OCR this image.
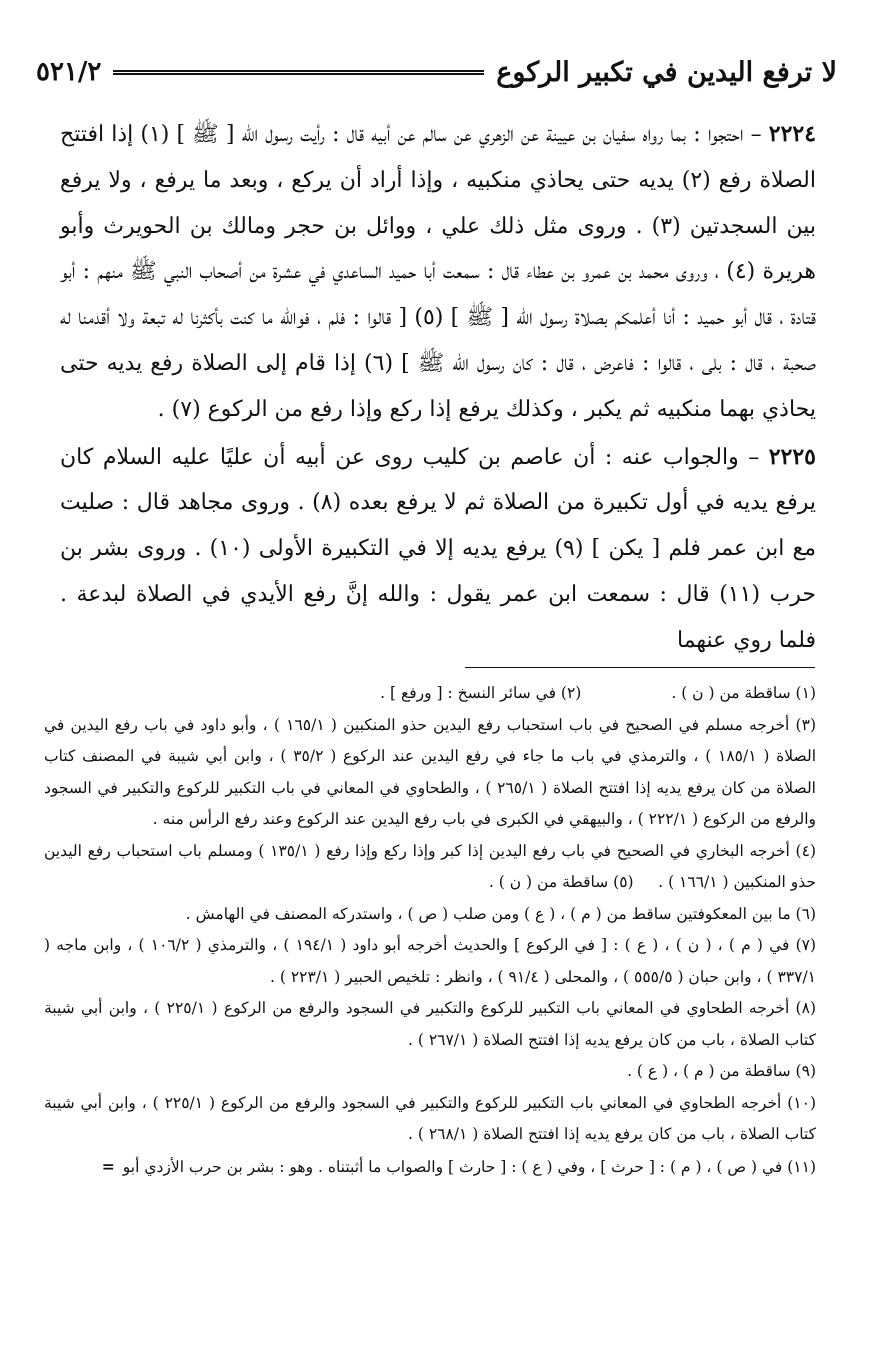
لا ترفع اليدين في تكبير الركوع
٥٢١/٢

٢٢٢٤ – احتجوا : بما رواه سفيان بن عيينة عن الزهري عن سالم عن أبيه قال : رأيت رسول الله [ ﷺ ] (١) إذا افتتح الصلاة رفع (٢) يديه حتى يحاذي منكبيه ، وإذا أراد أن يركع ، وبعد ما يرفع ، ولا يرفع بين السجدتين (٣) . وروى مثل ذلك علي ، ووائل بن حجر ومالك بن الحويرث وأبو هريرة (٤) ، وروى محمد بن عمرو بن عطاء قال : سمعت أبا حميد الساعدي في عشرة من أصحاب النبي ﷺ منهم : أبو قتادة ، قال أبو حميد : أنا أعلمكم بصلاة رسول الله [ ﷺ ] (٥) [ قالوا : فلم ، فوالله ما كنت بأكثرنا له تبعة ولا أقدمنا له صحبة ، قال : بلى ، قالوا : فاعرض ، قال : كان رسول الله ﷺ ] (٦) إذا قام إلى الصلاة رفع يديه حتى يحاذي بهما منكبيه ثم يكبر ، وكذلك يرفع إذا ركع وإذا رفع من الركوع (٧) .

٢٢٢٥ – والجواب عنه : أن عاصم بن كليب روى عن أبيه أن عليًا عليه السلام كان يرفع يديه في أول تكبيرة من الصلاة ثم لا يرفع بعده (٨) . وروى مجاهد قال : صليت مع ابن عمر فلم [ يكن ] (٩) يرفع يديه إلا في التكبيرة الأولى (١٠) . وروى بشر بن حرب (١١) قال : سمعت ابن عمر يقول : والله إنَّ رفع الأيدي في الصلاة لبدعة . فلما روي عنهما

(١) ساقطة من ( ن ) .
(٢) في سائر النسخ : [ ورفع ] .

(٣) أخرجه مسلم في الصحيح في باب استحباب رفع اليدين حذو المنكبين ( ١٦٥/١ ) ، وأبو داود في باب رفع اليدين في الصلاة ( ١٨٥/١ ) ، والترمذي في باب ما جاء في رفع اليدين عند الركوع ( ٣٥/٢ ) ، وابن أبي شيبة في المصنف كتاب الصلاة من كان يرفع يديه إذا افتتح الصلاة ( ٢٦٥/١ ) ، والطحاوي في المعاني في باب التكبير للركوع والتكبير في السجود والرفع من الركوع ( ٢٢٢/١ ) ، والبيهقي في الكبرى في باب رفع اليدين عند الركوع وعند رفع الرأس منه .

(٤) أخرجه البخاري في الصحيح في باب رفع اليدين إذا كبر وإذا ركع وإذا رفع ( ١٣٥/١ ) ومسلم باب استحباب رفع اليدين حذو المنكبين ( ١٦٦/١ ) .     (٥) ساقطة من ( ن ) .

(٦) ما بين المعكوفتين ساقط من ( م ) ، ( ع ) ومن صلب ( ص ) ، واستدركه المصنف في الهامش .

(٧) في ( م ) ، ( ن ) ، ( ع ) : [ في الركوع ] والحديث أخرجه أبو داود ( ١٩٤/١ ) ، والترمذي ( ١٠٦/٢ ) ، وابن ماجه ( ٣٣٧/١ ) ، وابن حبان ( ٥٥٥/٥ ) ، والمحلى ( ٩١/٤ ) ، وانظر : تلخيص الحبير ( ٢٢٣/١ ) .

(٨) أخرجه الطحاوي في المعاني باب التكبير للركوع والتكبير في السجود والرفع من الركوع ( ٢٢٥/١ ) ، وابن أبي شيبة كتاب الصلاة ، باب من كان يرفع يديه إذا افتتح الصلاة ( ٢٦٧/١ ) .

(٩) ساقطة من ( م ) ، ( ع ) .

(١٠) أخرجه الطحاوي في المعاني باب التكبير للركوع والتكبير في السجود والرفع من الركوع ( ٢٢٥/١ ) ، وابن أبي شيبة كتاب الصلاة ، باب من كان يرفع يديه إذا افتتح الصلاة ( ٢٦٨/١ ) .

(١١) في ( ص ) ، ( م ) : [ حرث ] ، وفي ( ع ) : [ حارث ] والصواب ما أثبتناه . وهو : بشر بن حرب الأزدي أبو=
